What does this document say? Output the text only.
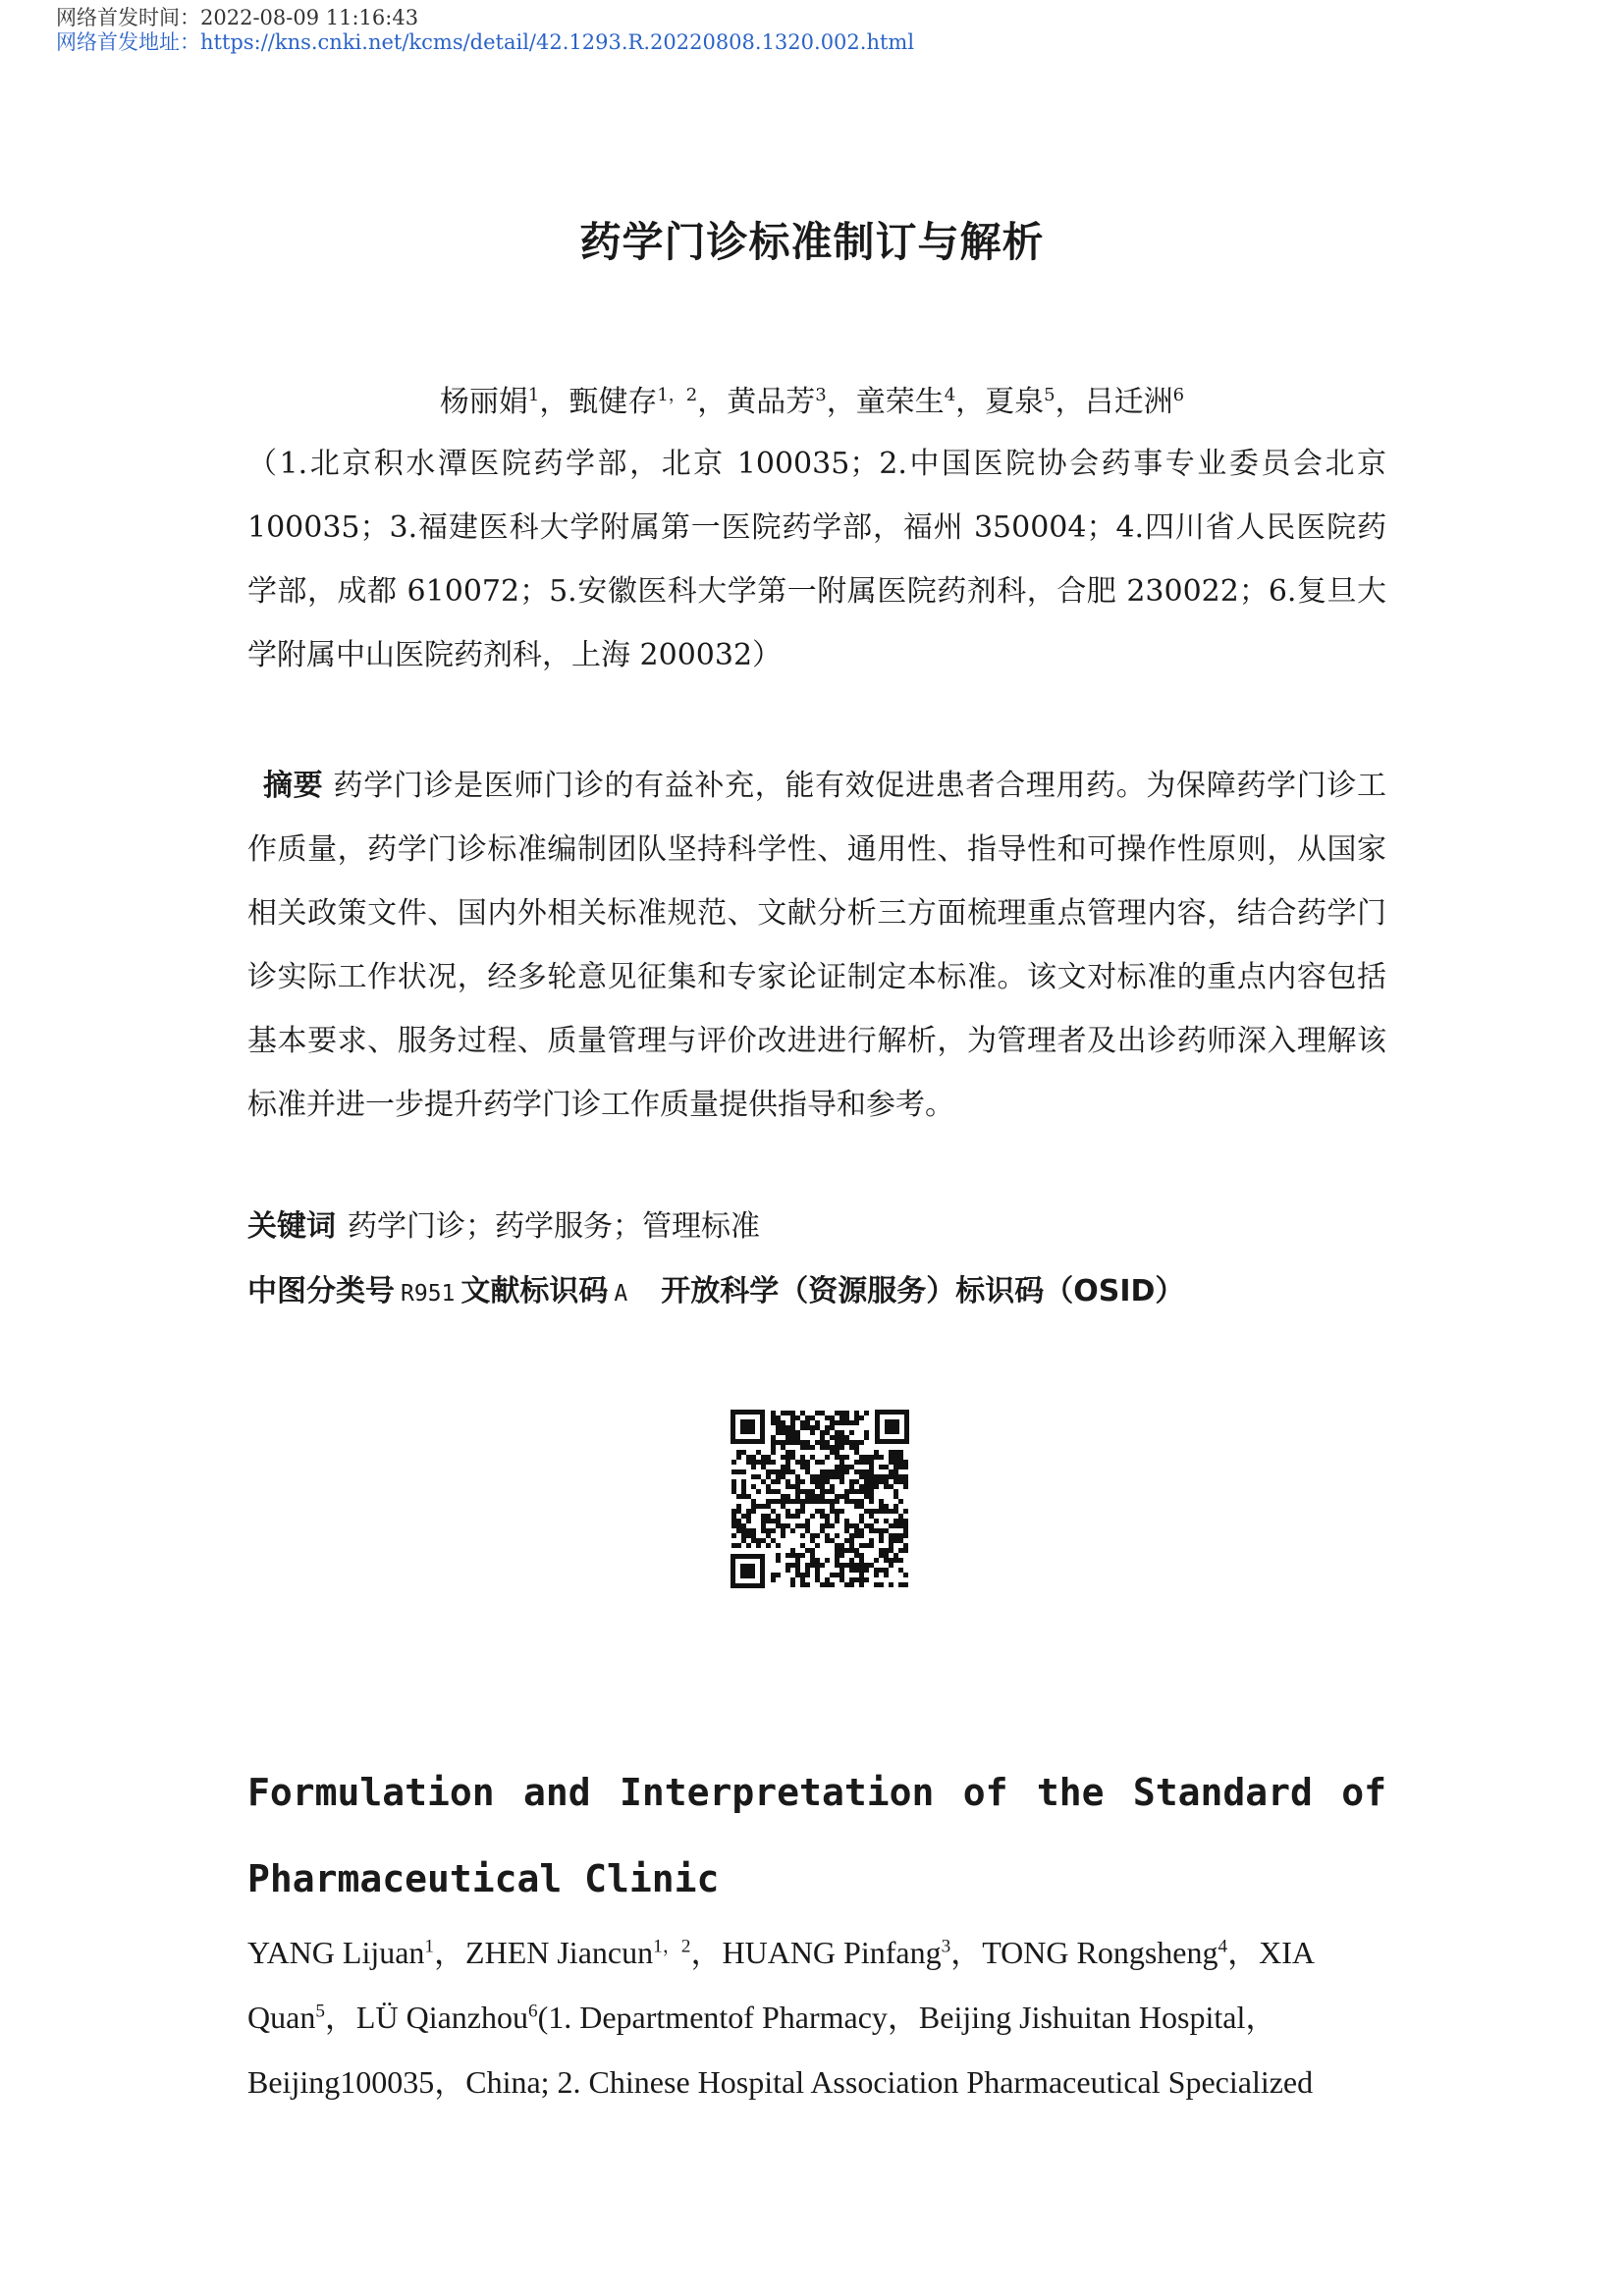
网络首发时间：2022-08-09 11:16:43
网络首发地址：https://kns.cnki.net/kcms/detail/42.1293.R.20220808.1320.002.html
药学门诊标准制订与解析
杨丽娟$^1$，甄健存$^{1,2}$，黄品芳$^3$，童荣生$^4$，夏泉$^5$，吕迁洲$^6$
（1.北京积水潭医院药学部，北京 100035；2.中国医院协会药事专业委员会北京100035；3.福建医科大学附属第一医院药学部，福州 350004；4.四川省人民医院药学部，成都 610072；5.安徽医科大学第一附属医院药剂科，合肥 230022；6.复旦大学附属中山医院药剂科，上海 200032）
摘要 药学门诊是医师门诊的有益补充，能有效促进患者合理用药。为保障药学门诊工作质量，药学门诊标准编制团队坚持科学性、通用性、指导性和可操作性原则，从国家相关政策文件、国内外相关标准规范、文献分析三方面梳理重点管理内容，结合药学门诊实际工作状况，经多轮意见征集和专家论证制定本标准。该文对标准的重点内容包括基本要求、服务过程、质量管理与评价改进进行解析，为管理者及出诊药师深入理解该标准并进一步提升药学门诊工作质量提供指导和参考。
关键词 药学门诊；药学服务；管理标准
中图分类号 R951 文献标识码 A 开放科学（资源服务）标识码（OSID）
Formulation and Interpretation of the Standard of Pharmaceutical Clinic
YANG Lijuan$^1$，ZHEN Jiancun$^{1,2}$，HUANG Pinfang$^3$，TONG Rongsheng$^4$，XIA Quan$^5$，LÜ Qianzhou$^6$(1. Departmentof Pharmacy，Beijing Jishuitan Hospital，Beijing100035，China; 2. Chinese Hospital Association Pharmaceutical Specialized
